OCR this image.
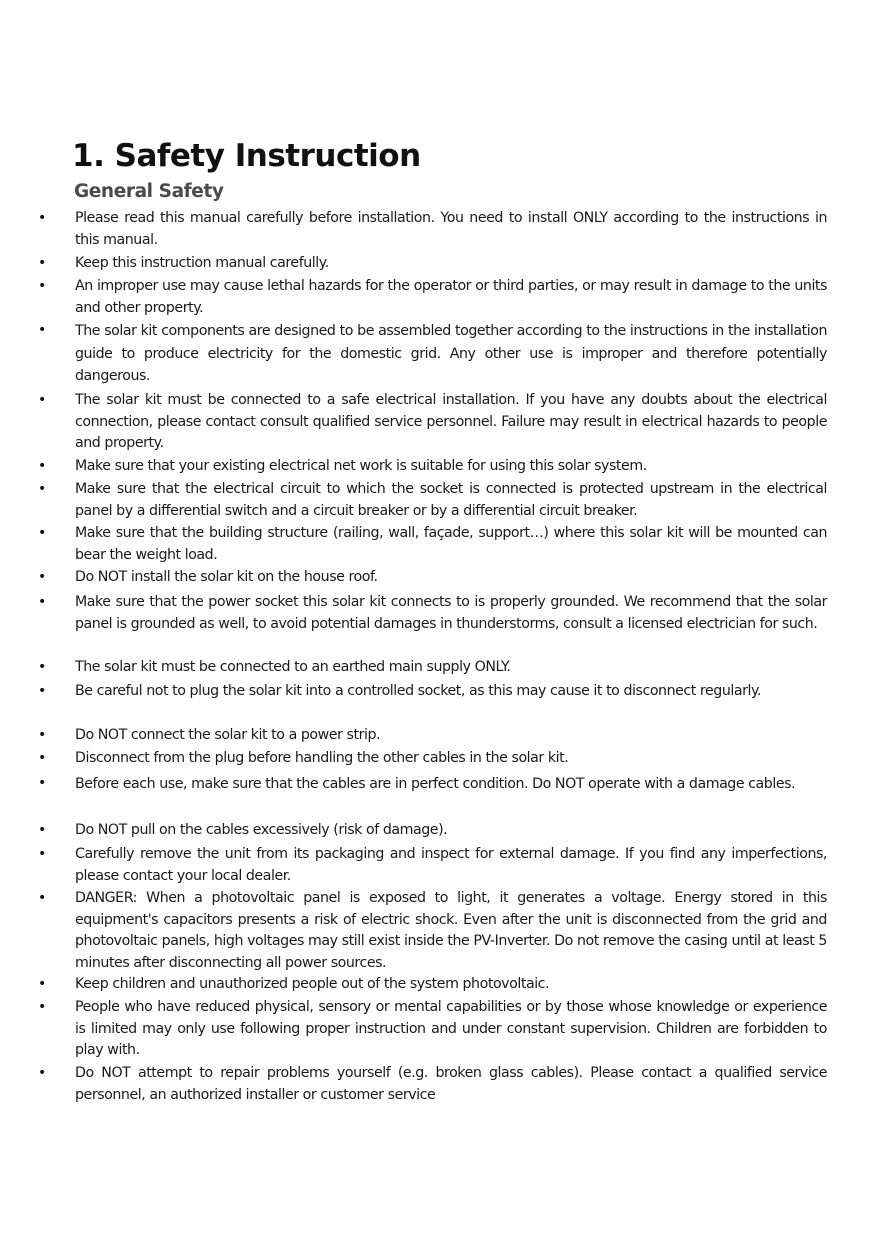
1. Safety Instruction
General Safety
• Please read this manual carefully before installation. You need to install ONLY according to the instructions in this manual.
• Keep this instruction manual carefully.
• An improper use may cause lethal hazards for the operator or third parties, or may result in damage to the units and other property.
• The solar kit components are designed to be assembled together according to the instructions in the installation guide to produce electricity for the domestic grid. Any other use is improper and therefore potentially dangerous.
• The solar kit must be connected to a safe electrical installation. If you have any doubts about the electrical connection, please contact consult qualified service personnel. Failure may result in electrical hazards to people and property.
• Make sure that your existing electrical net work is suitable for using this solar system.
• Make sure that the electrical circuit to which the socket is connected is protected upstream in the electrical panel by a differential switch and a circuit breaker or by a differential circuit breaker.
• Make sure that the building structure (railing, wall, façade, support…) where this solar kit will be mounted can bear the weight load.
• Do NOT install the solar kit on the house roof.
• Make sure that the power socket this solar kit connects to is properly grounded. We recommend that the solar panel is grounded as well, to avoid potential damages in thunderstorms, consult a licensed electrician for such.
• The solar kit must be connected to an earthed main supply ONLY.
• Be careful not to plug the solar kit into a controlled socket, as this may cause it to disconnect regularly.
• Do NOT connect the solar kit to a power strip.
• Disconnect from the plug before handling the other cables in the solar kit.
• Before each use, make sure that the cables are in perfect condition. Do NOT operate with a damage cables.
• Do NOT pull on the cables excessively (risk of damage).
• Carefully remove the unit from its packaging and inspect for external damage. If you find any imperfections, please contact your local dealer.
• DANGER: When a photovoltaic panel is exposed to light, it generates a voltage. Energy stored in this equipment's capacitors presents a risk of electric shock. Even after the unit is disconnected from the grid and photovoltaic panels, high voltages may still exist inside the PV-Inverter. Do not remove the casing until at least 5 minutes after disconnecting all power sources.
• Keep children and unauthorized people out of the system photovoltaic.
• People who have reduced physical, sensory or mental capabilities or by those whose knowledge or experience is limited may only use following proper instruction and under constant supervision. Children are forbidden to play with.
• Do NOT attempt to repair problems yourself (e.g. broken glass cables). Please contact a qualified service personnel, an authorized installer or customer service
